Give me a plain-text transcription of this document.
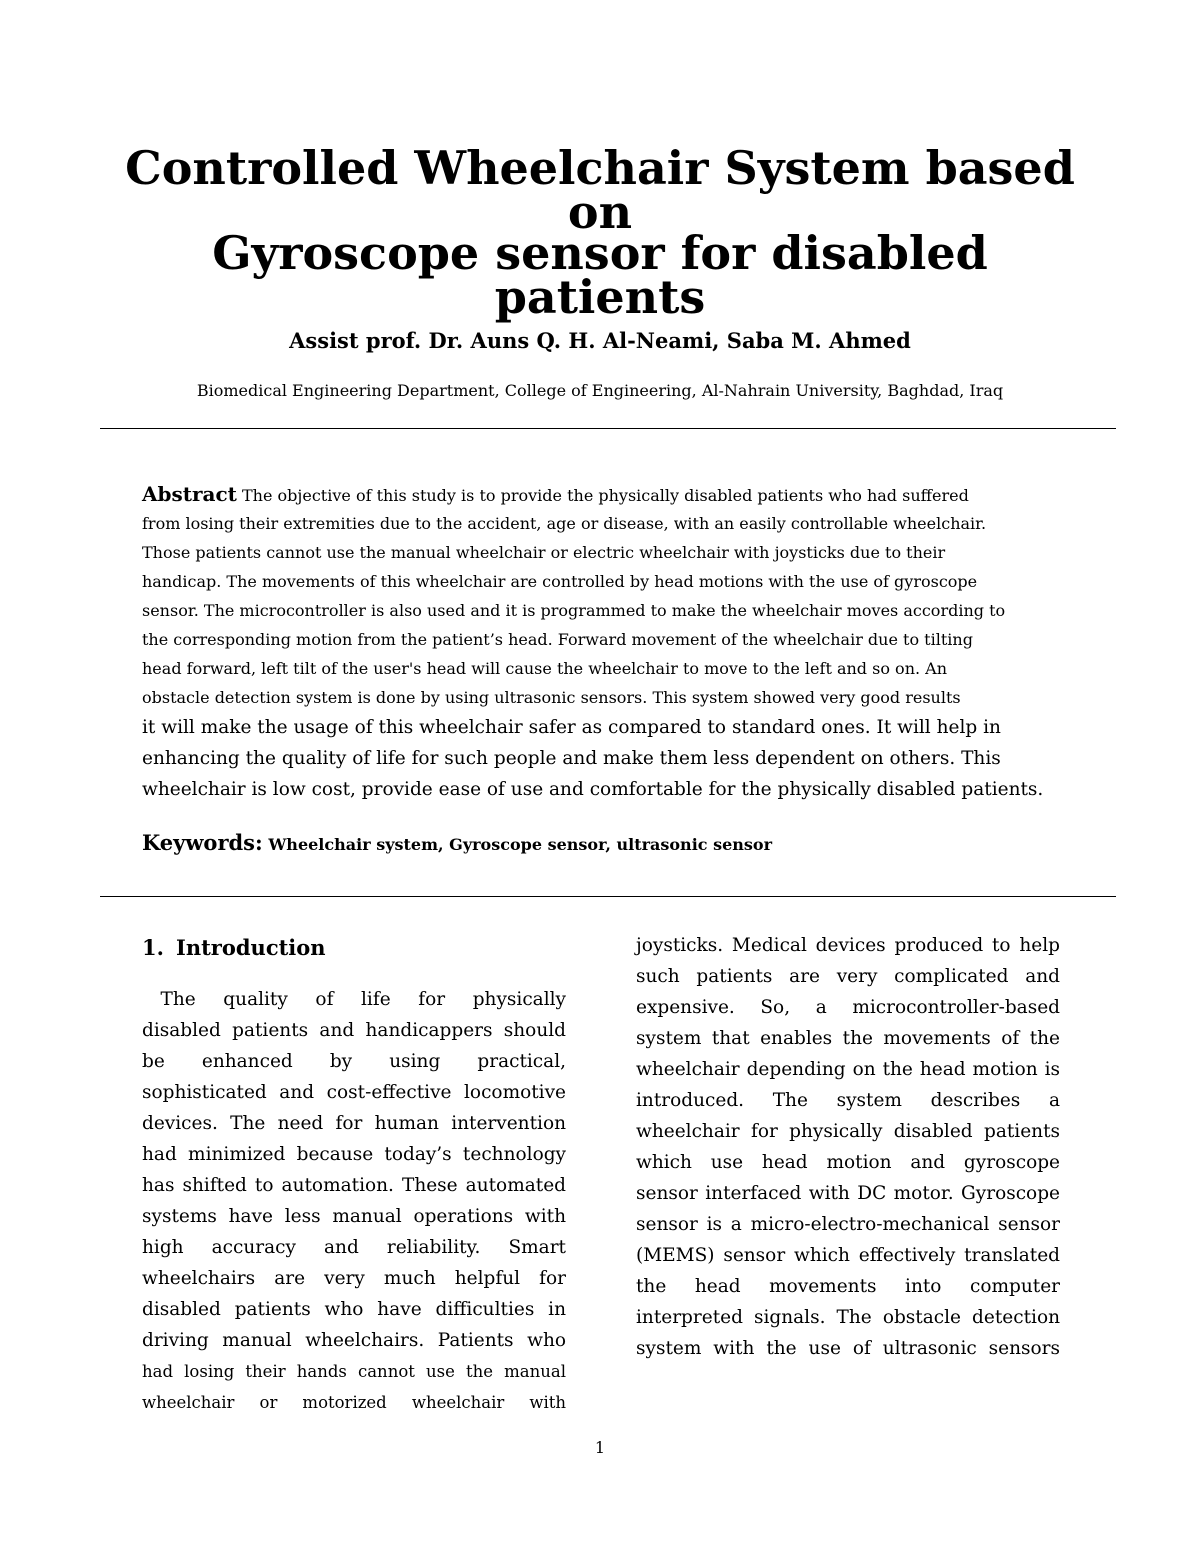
Controlled Wheelchair System based on
Gyroscope sensor for disabled patients
Assist prof. Dr. Auns Q. H. Al-Neami, Saba M. Ahmed
Biomedical Engineering Department, College of Engineering, Al-Nahrain University, Baghdad, Iraq
Abstract The objective of this study is to provide the physically disabled patients who had suffered
from losing their extremities due to the accident, age or disease, with an easily controllable wheelchair.
Those patients cannot use the manual wheelchair or electric wheelchair with joysticks due to their
handicap. The movements of this wheelchair are controlled by head motions with the use of gyroscope
sensor. The microcontroller is also used and it is programmed to make the wheelchair moves according to
the corresponding motion from the patient’s head. Forward movement of the wheelchair due to tilting
head forward, left tilt of the user's head will cause the wheelchair to move to the left and so on. An
obstacle detection system is done by using ultrasonic sensors. This system showed very good results
it will make the usage of this wheelchair safer as compared to standard ones. It will help in
enhancing the quality of life for such people and make them less dependent on others. This
wheelchair is low cost, provide ease of use and comfortable for the physically disabled patients.
Keywords: Wheelchair system, Gyroscope sensor, ultrasonic sensor
1. Introduction
 The quality of life for physically
disabled patients and handicappers should
be enhanced by using practical,
sophisticated and cost-effective locomotive
devices. The need for human intervention
had minimized because today’s technology
has shifted to automation. These automated
systems have less manual operations with
high accuracy and reliability. Smart
wheelchairs are very much helpful for
disabled patients who have difficulties in
driving manual wheelchairs. Patients who
had losing their hands cannot use the manual
wheelchair or motorized wheelchair with
joysticks. Medical devices produced to help
such patients are very complicated and
expensive. So, a microcontroller-based
system that enables the movements of the
wheelchair depending on the head motion is
introduced. The system describes a
wheelchair for physically disabled patients
which use head motion and gyroscope
sensor interfaced with DC motor. Gyroscope
sensor is a micro-electro-mechanical sensor
(MEMS) sensor which effectively translated
the head movements into computer
interpreted signals. The obstacle detection
system with the use of ultrasonic sensors
1
